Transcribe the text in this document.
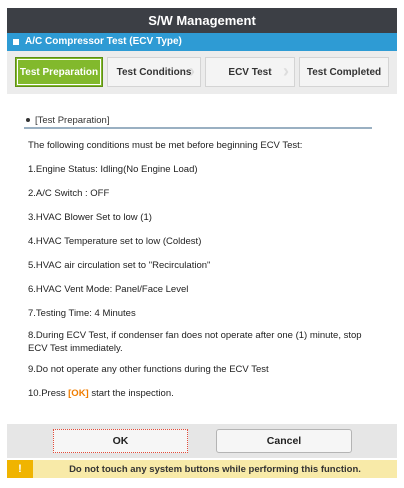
S/W Management
A/C Compressor Test (ECV Type)
Test Preparation Test Conditions
›	ECV Test › Test Completed
[Test Preparation]
The following conditions must be met before beginning ECV Test:
1.Engine Status: Idling(No Engine Load)
2.A/C Switch : OFF
3.HVAC Blower Set to low (1)
4.HVAC Temperature set to low (Coldest)
5.HVAC air circulation set to "Recirculation"
6.HVAC Vent Mode: Panel/Face Level
7.Testing Time: 4 Minutes
8.During ECV Test, if condenser fan does not operate after one (1) minute, stop ECV Test immediately.
9.Do not operate any other functions during the ECV Test
10.Press [OK] start the inspection.
OK	Cancel
!	Do not touch any system buttons while performing this function.
